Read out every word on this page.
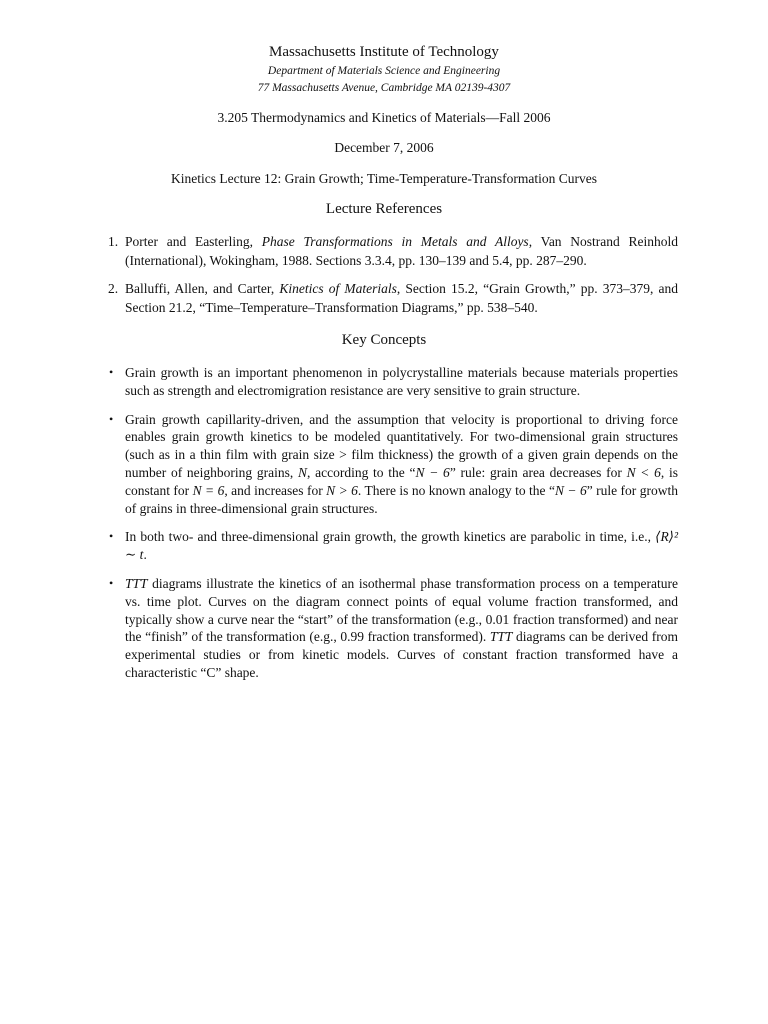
Massachusetts Institute of Technology
Department of Materials Science and Engineering
77 Massachusetts Avenue, Cambridge MA 02139-4307
3.205 Thermodynamics and Kinetics of Materials—Fall 2006
December 7, 2006
Kinetics Lecture 12: Grain Growth; Time-Temperature-Transformation Curves
Lecture References
1. Porter and Easterling, Phase Transformations in Metals and Alloys, Van Nostrand Reinhold (International), Wokingham, 1988. Sections 3.3.4, pp. 130–139 and 5.4, pp. 287–290.
2. Balluffi, Allen, and Carter, Kinetics of Materials, Section 15.2, “Grain Growth,” pp. 373–379, and Section 21.2, “Time–Temperature–Transformation Diagrams,” pp. 538–540.
Key Concepts
• Grain growth is an important phenomenon in polycrystalline materials because materials properties such as strength and electromigration resistance are very sensitive to grain structure.
• Grain growth capillarity-driven, and the assumption that velocity is proportional to driving force enables grain growth kinetics to be modeled quantitatively. For two-dimensional grain structures (such as in a thin film with grain size > film thickness) the growth of a given grain depends on the number of neighboring grains, N, according to the “N − 6” rule: grain area decreases for N < 6, is constant for N = 6, and increases for N > 6. There is no known analogy to the “N − 6” rule for growth of grains in three-dimensional grain structures.
• In both two- and three-dimensional grain growth, the growth kinetics are parabolic in time, i.e., ⟨R⟩² ∼ t.
• TTT diagrams illustrate the kinetics of an isothermal phase transformation process on a temperature vs. time plot. Curves on the diagram connect points of equal volume fraction transformed, and typically show a curve near the “start” of the transformation (e.g., 0.01 fraction transformed) and near the “finish” of the transformation (e.g., 0.99 fraction transformed). TTT diagrams can be derived from experimental studies or from kinetic models. Curves of constant fraction transformed have a characteristic “C” shape.
